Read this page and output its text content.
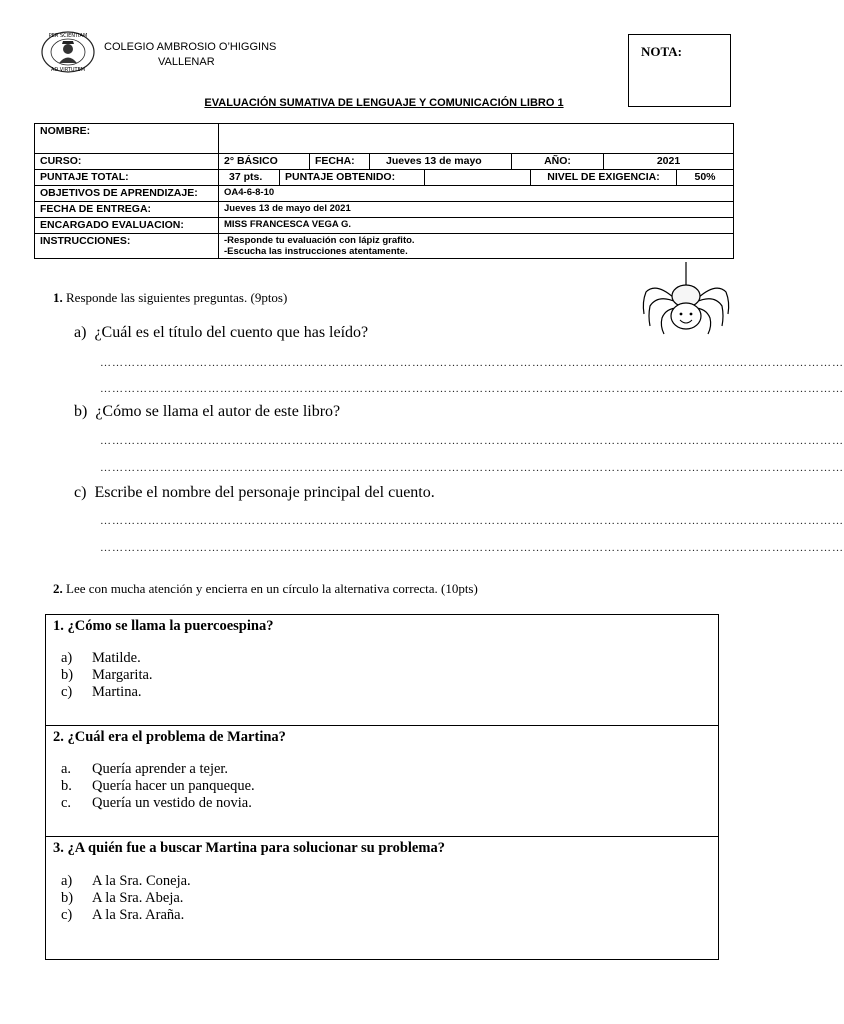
PER SCIENTIAM
AD VIRTUTEM
COLEGIO AMBROSIO O’HIGGINS
VALLENAR
NOTA:
EVALUACIÓN SUMATIVA DE LENGUAJE Y COMUNICACIÓN LIBRO 1
NOMBRE:
CURSO:	2° BÁSICO	FECHA:	Jueves 13 de mayo	AÑO:	2021
PUNTAJE TOTAL:	37 pts.	PUNTAJE OBTENIDO:	NIVEL DE EXIGENCIA:	50%
OBJETIVOS DE APRENDIZAJE:	OA4-6-8-10
FECHA DE ENTREGA:	Jueves 13 de mayo del 2021
ENCARGADO EVALUACION:	MISS FRANCESCA VEGA G.
INSTRUCCIONES:	-Responde tu evaluación con lápiz grafito.
-Escucha las instrucciones atentamente.
1. Responde las siguientes preguntas. (9ptos)
a) ¿Cuál es el título del cuento que has leído?
……………………………………………………………………………………………………………………………………………………………………
……………………………………………………………………………………………………………………………………………………………………
b) ¿Cómo se llama el autor de este libro?
……………………………………………………………………………………………………………………………………………………………………
……………………………………………………………………………………………………………………………………………………………………
c) Escribe el nombre del personaje principal del cuento.
……………………………………………………………………………………………………………………………………………………………………
……………………………………………………………………………………………………………………………………………………………………
2. Lee con mucha atención y encierra en un círculo la alternativa correcta. (10pts)
1. ¿Cómo se llama la puercoespina?
a) Matilde.
b) Margarita.
c) Martina.
2. ¿Cuál era el problema de Martina?
a. Quería aprender a tejer.
b. Quería hacer un panqueque.
c. Quería un vestido de novia.
3. ¿A quién fue a buscar Martina para solucionar su problema?
a) A la Sra. Coneja.
b) A la Sra. Abeja.
c) A la Sra. Araña.
